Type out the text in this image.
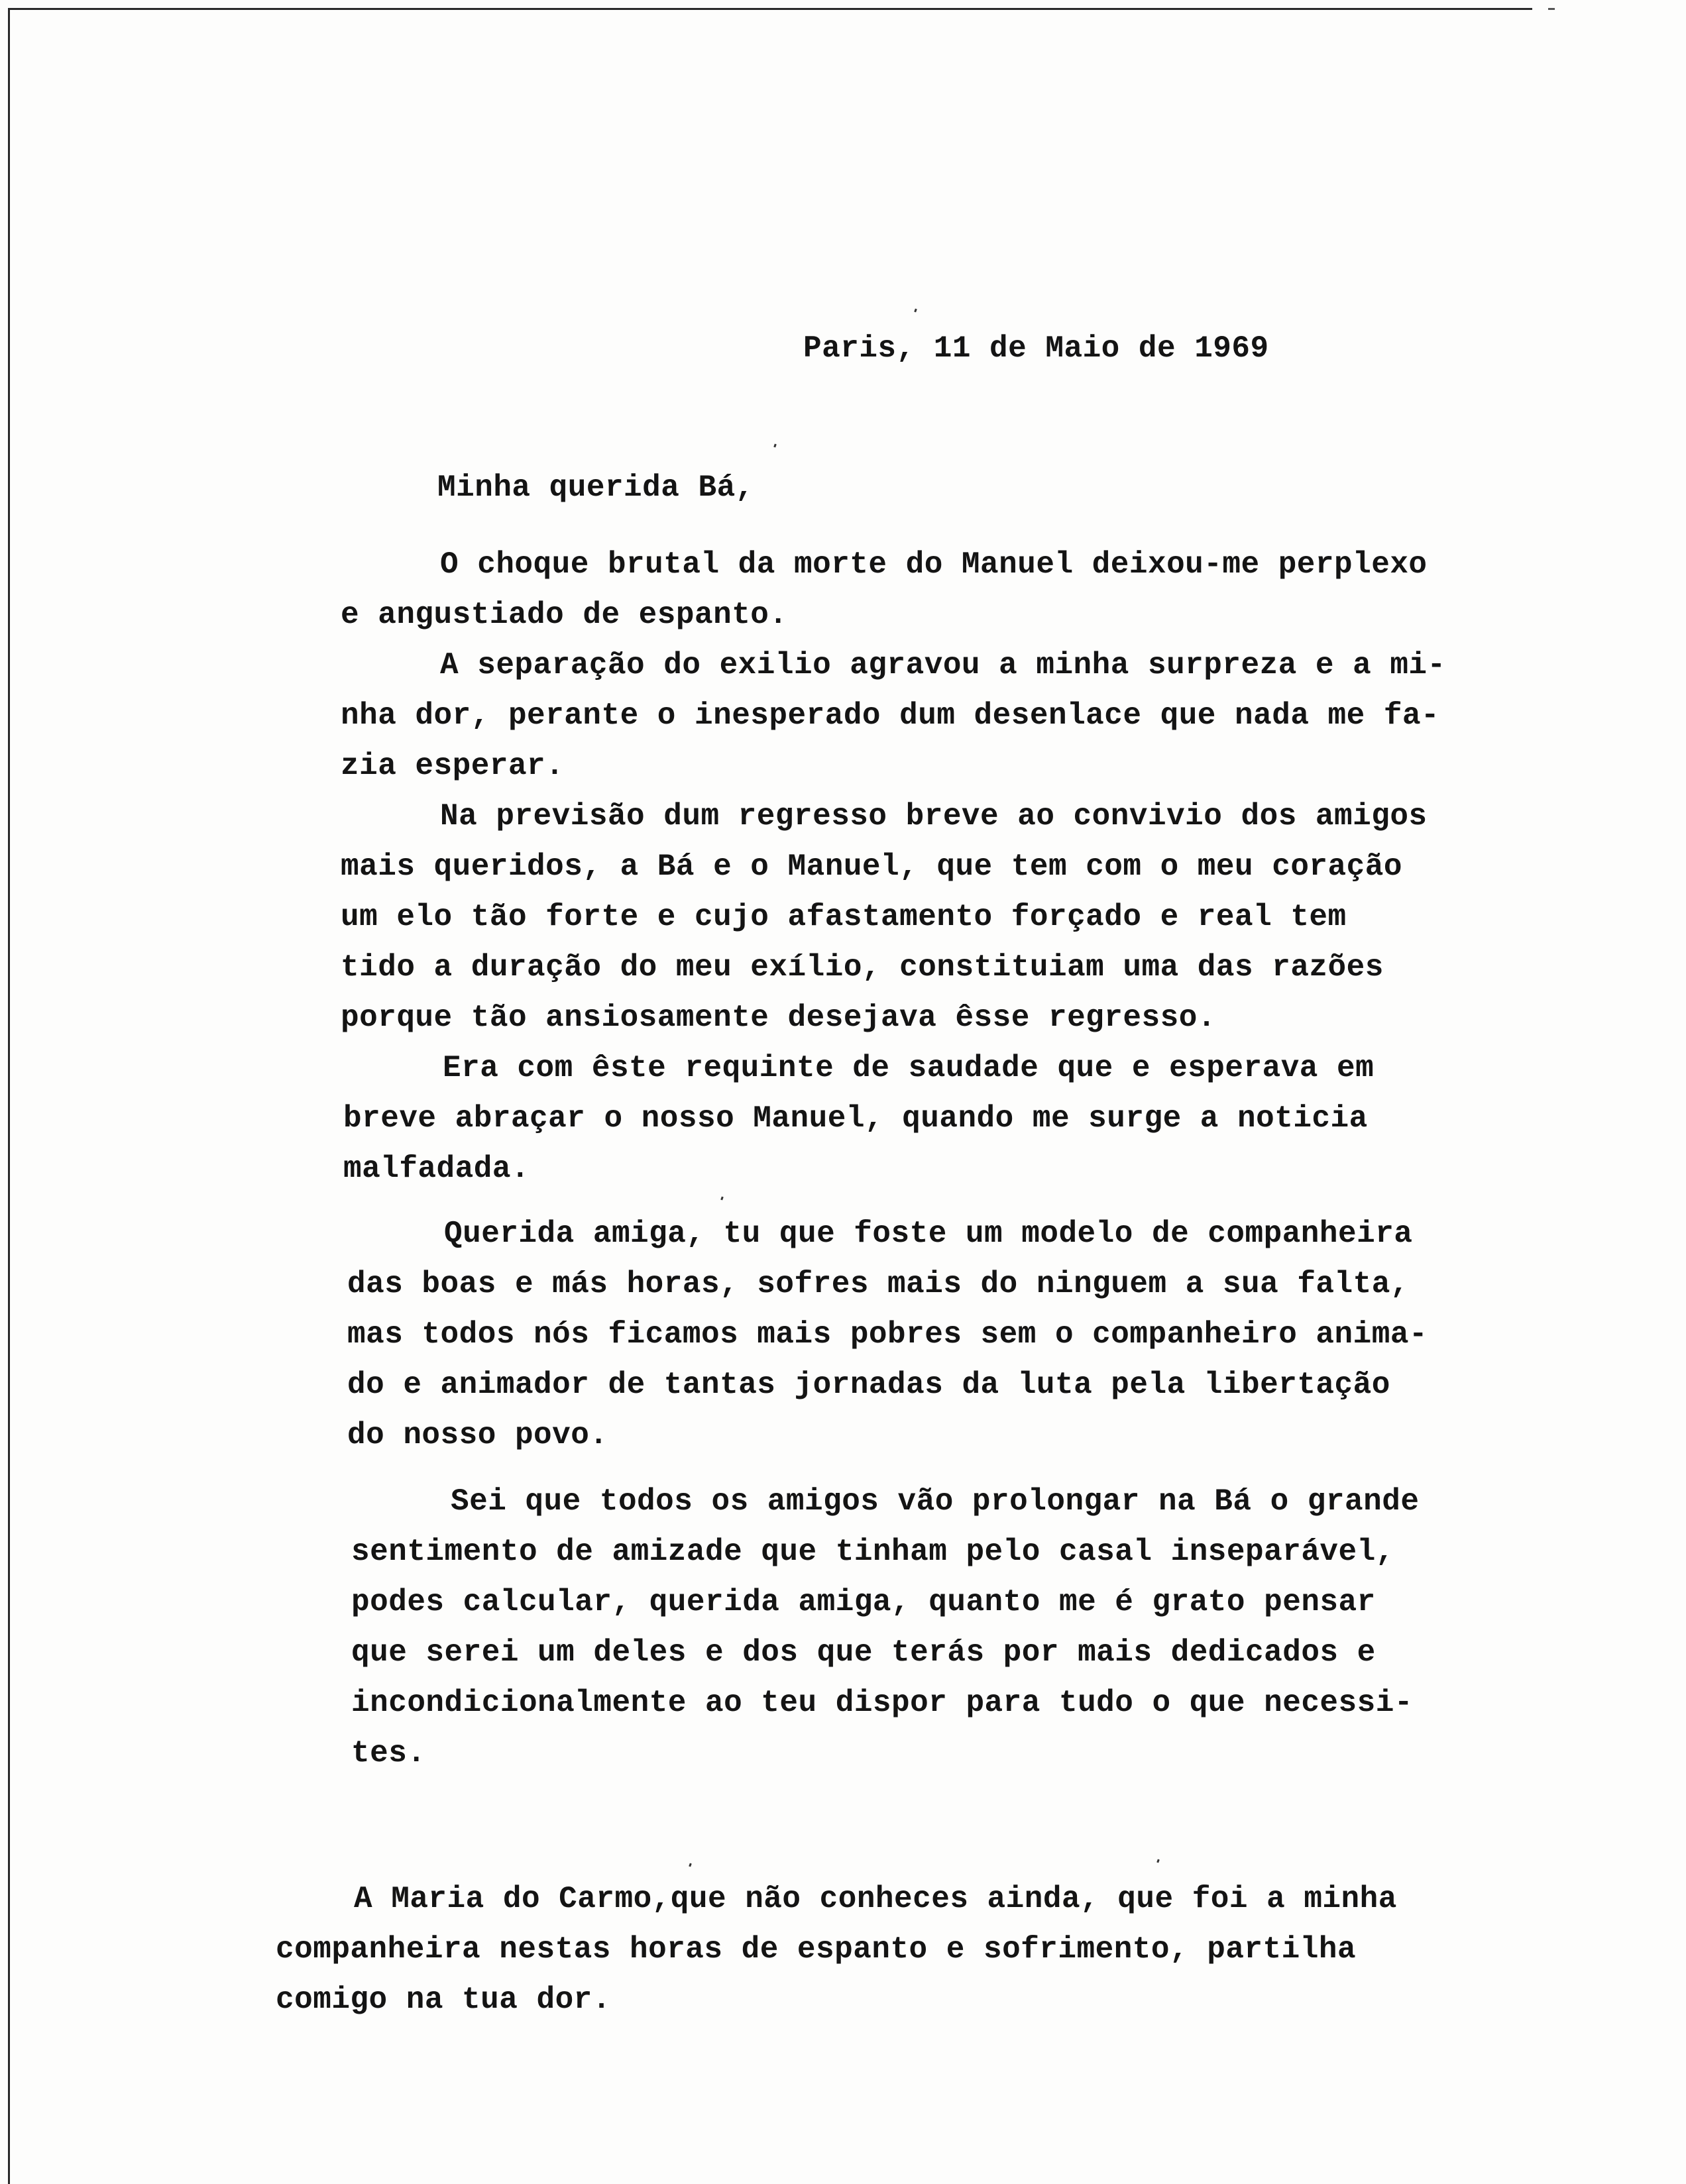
Paris, 11 de Maio de 1969

Minha querida Bá,

O choque brutal da morte do Manuel deixou-me perplexo

e angustiado de espanto.

A separação do exilio agravou a minha surpreza e a mi-

nha dor, perante o inesperado dum desenlace que nada me fa-

zia esperar.

Na previsão dum regresso breve ao convivio dos amigos

mais queridos, a Bá e o Manuel, que tem com o meu coração

um elo tão forte e cujo afastamento forçado e real tem

tido a duração do meu exílio, constituiam uma das razões

porque tão ansiosamente desejava êsse regresso.

Era com êste requinte de saudade que e esperava em

breve abraçar o nosso Manuel, quando me surge a noticia

malfadada.

Querida amiga, tu que foste um modelo de companheira

das boas e más horas, sofres mais do ninguem a sua falta,

mas todos nós ficamos mais pobres sem o companheiro anima-

do e animador de tantas jornadas da luta pela libertação

do nosso povo.

Sei que todos os amigos vão prolongar na Bá o grande

sentimento de amizade que tinham pelo casal inseparável,

podes calcular, querida amiga, quanto me é grato pensar

que serei um deles e dos que terás por mais dedicados e

incondicionalmente ao teu dispor para tudo o que necessi-

tes.

A Maria do Carmo,que não conheces ainda, que foi a minha

companheira nestas horas de espanto e sofrimento, partilha

comigo na tua dor.
